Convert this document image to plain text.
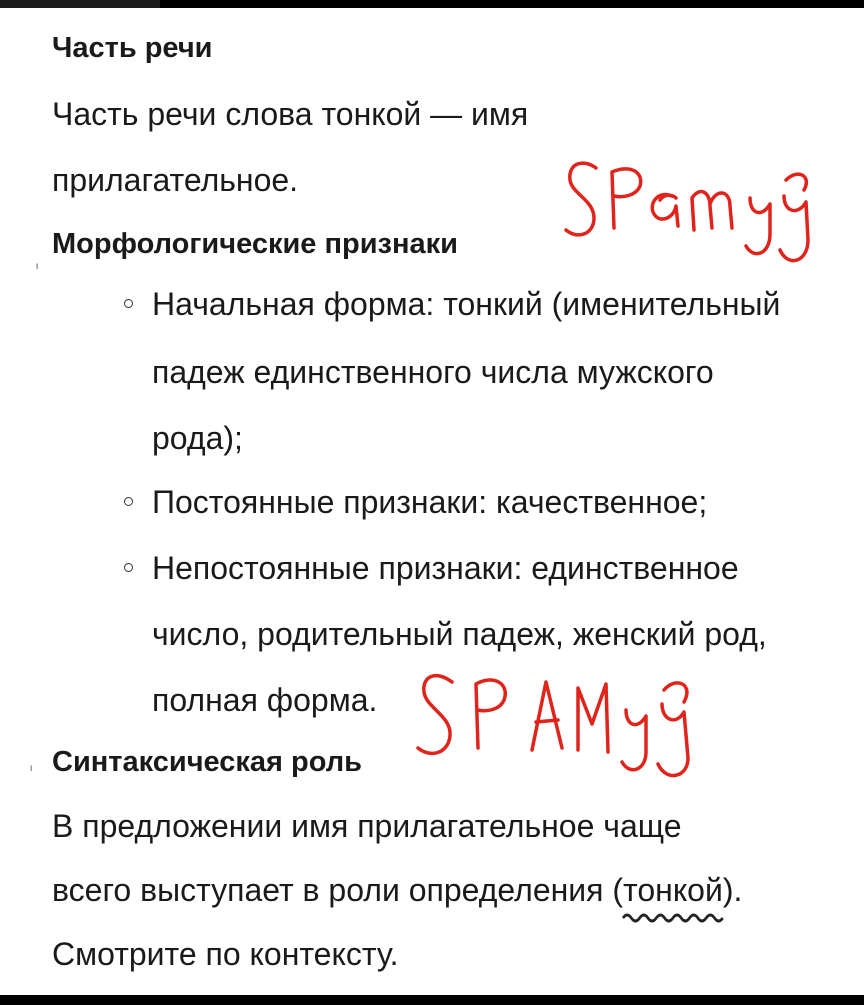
Часть речи

Часть речи слова тонкой — имя

прилагательное.

Морфологические признаки

ι

Начальная форма: тонкий (именительный

падеж единственного числа мужского

рода);

Постоянные признаки: качественное;

Непостоянные признаки: единственное

число, родительный падеж, женский род,

полная форма.

Синтаксическая роль

ι

В предложении имя прилагательное чаще

всего выступает в роли определения (тонкой
).

Смотрите по контексту.
